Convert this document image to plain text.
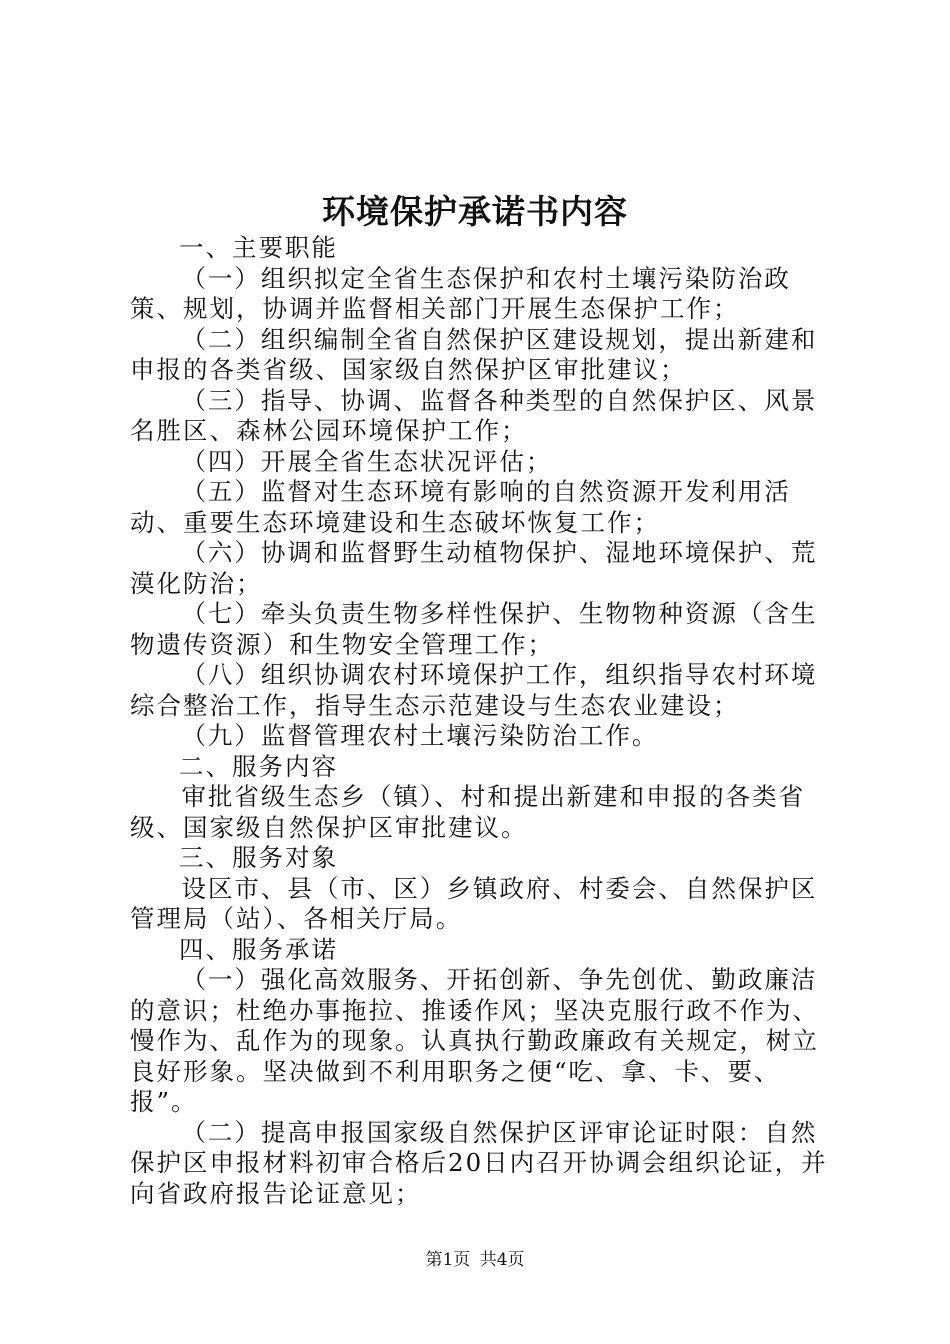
环境保护承诺书内容

一、主要职能

（一）组织拟定全省生态保护和农村土壤污染防治政策、规划，协调并监督相关部门开展生态保护工作；

（二）组织编制全省自然保护区建设规划，提出新建和申报的各类省级、国家级自然保护区审批建议；

（三）指导、协调、监督各种类型的自然保护区、风景名胜区、森林公园环境保护工作；

（四）开展全省生态状况评估；

（五）监督对生态环境有影响的自然资源开发利用活动、重要生态环境建设和生态破坏恢复工作；

（六）协调和监督野生动植物保护、湿地环境保护、荒漠化防治；

（七）牵头负责生物多样性保护、生物物种资源（含生物遗传资源）和生物安全管理工作；

（八）组织协调农村环境保护工作，组织指导农村环境综合整治工作，指导生态示范建设与生态农业建设；

（九）监督管理农村土壤污染防治工作。

二、服务内容

审批省级生态乡（镇）、村和提出新建和申报的各类省级、国家级自然保护区审批建议。

三、服务对象

设区市、县（市、区）乡镇政府、村委会、自然保护区管理局（站）、各相关厅局。

四、服务承诺

（一）强化高效服务、开拓创新、争先创优、勤政廉洁的意识；杜绝办事拖拉、推诿作风；坚决克服行政不作为、慢作为、乱作为的现象。认真执行勤政廉政有关规定，树立良好形象。坚决做到不利用职务之便“吃、拿、卡、要、报”。

（二）提高申报国家级自然保护区评审论证时限：自然保护区申报材料初审合格后20日内召开协调会组织论证，并向省政府报告论证意见；

第1页 共4页
